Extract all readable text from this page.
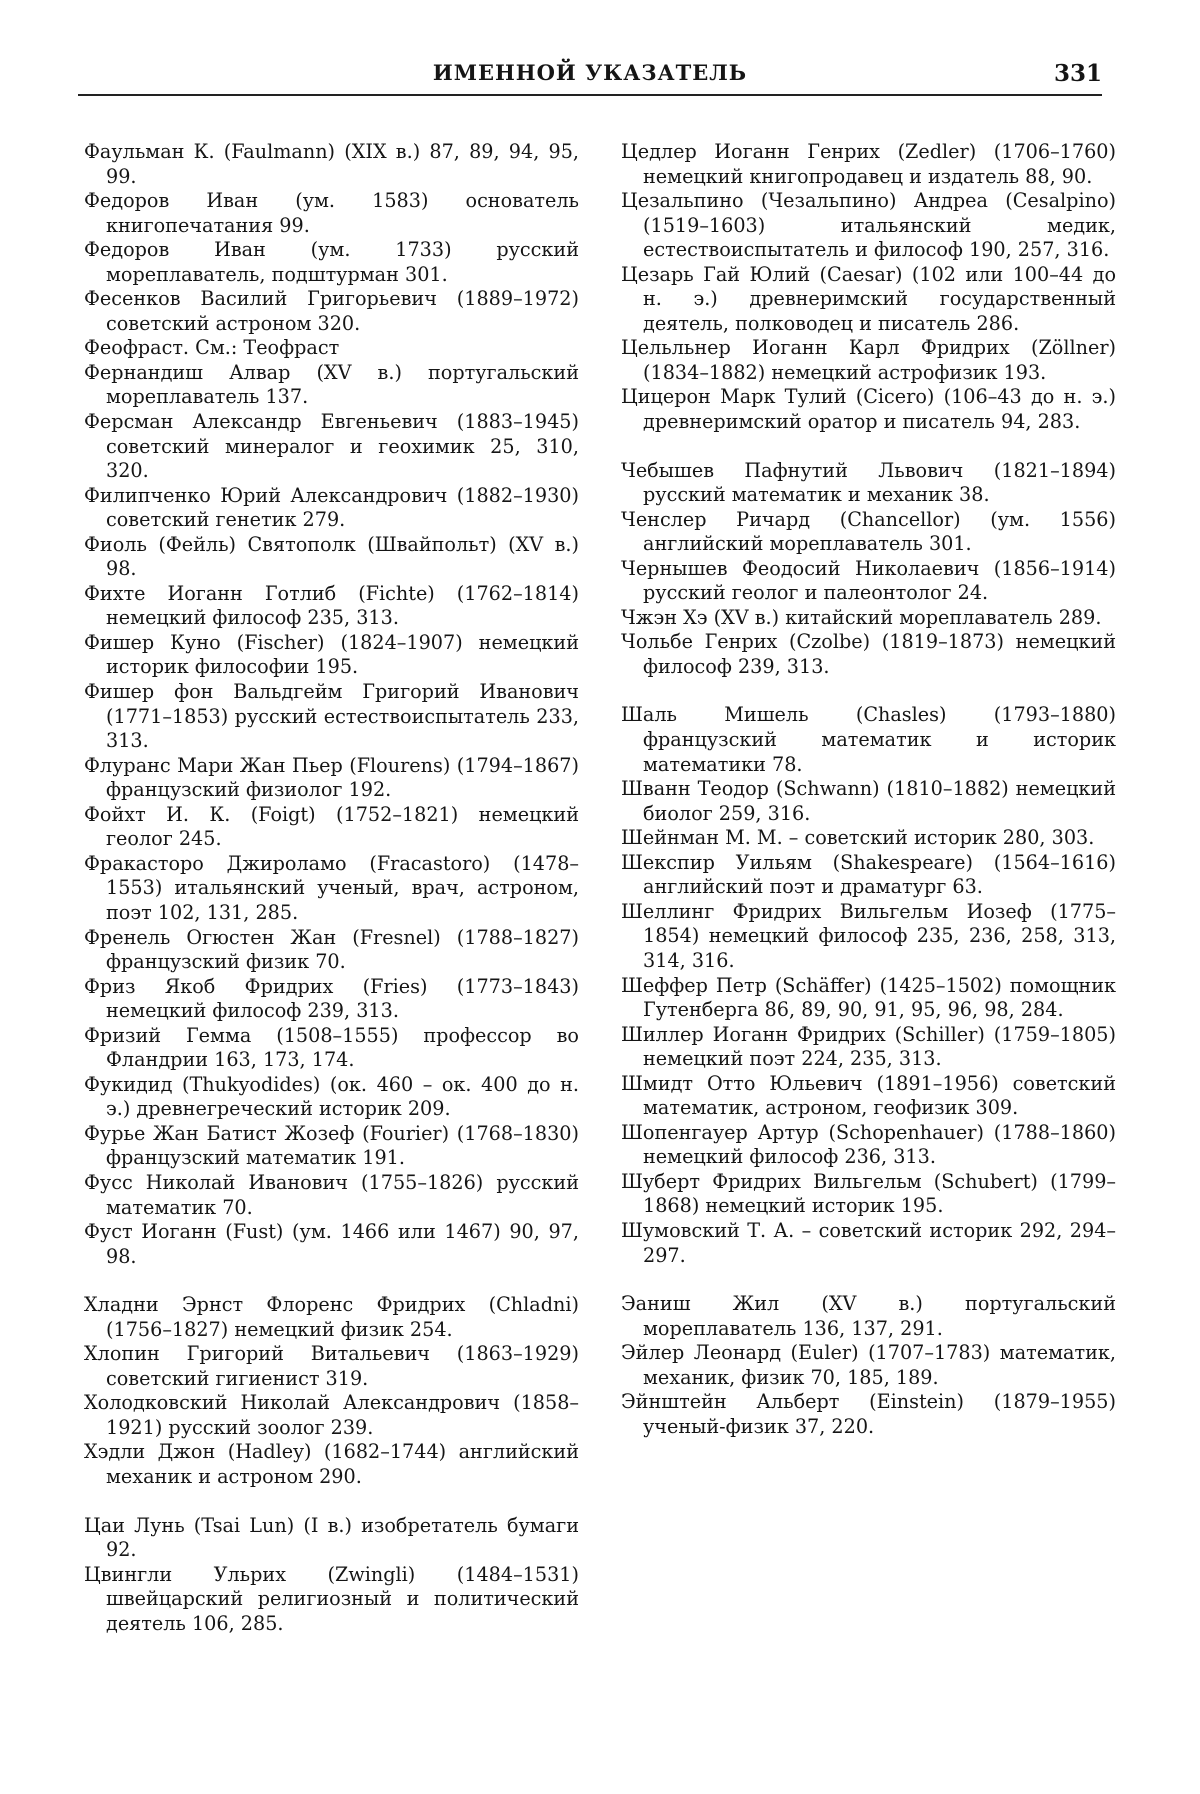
ИМЕННОЙ УКАЗАТЕЛЬ	331

Фаульман К. (Faulmann) (XIX в.) 87, 89, 94, 95, 99.

Федоров Иван (ум. 1583) основатель книгопечатания 99.

Федоров Иван (ум. 1733) русский мореплаватель, подштурман 301.

Фесенков Василий Григорьевич (1889–1972) советский астроном 320.

Феофраст. См.: Теофраст

Фернандиш Алвар (XV в.) португальский мореплаватель 137.

Ферсман Александр Евгеньевич (1883–1945) советский минералог и геохимик 25, 310, 320.

Филипченко Юрий Александрович (1882–1930) советский генетик 279.

Фиоль (Фейль) Святополк (Швайпольт) (XV в.) 98.

Фихте Иоганн Готлиб (Fichte) (1762–1814) немецкий философ 235, 313.

Фишер Куно (Fischer) (1824–1907) немецкий историк философии 195.

Фишер фон Вальдгейм Григорий Иванович (1771–1853) русский естествоиспытатель 233, 313.

Флуранс Мари Жан Пьер (Flourens) (1794–1867) французский физиолог 192.

Фойхт И. К. (Foigt) (1752–1821) немецкий геолог 245.

Фракасторо Джироламо (Fracastoro) (1478–1553) итальянский ученый, врач, астроном, поэт 102, 131, 285.

Френель Огюстен Жан (Fresnel) (1788–1827) французский физик 70.

Фриз Якоб Фридрих (Fries) (1773–1843) немецкий философ 239, 313.

Фризий Гемма (1508–1555) профессор во Фландрии 163, 173, 174.

Фукидид (Thukyodides) (ок. 460 – ок. 400 до н. э.) древнегреческий историк 209.

Фурье Жан Батист Жозеф (Fourier) (1768–1830) французский математик 191.

Фусс Николай Иванович (1755–1826) русский математик 70.

Фуст Иоганн (Fust) (ум. 1466 или 1467) 90, 97, 98.

Хладни Эрнст Флоренс Фридрих (Chladni) (1756–1827) немецкий физик 254.

Хлопин Григорий Витальевич (1863–1929) советский гигиенист 319.

Холодковский Николай Александрович (1858–1921) русский зоолог 239.

Хэдли Джон (Hadley) (1682–1744) английский механик и астроном 290.

Цаи Лунь (Tsai Lun) (I в.) изобретатель бумаги 92.

Цвингли Ульрих (Zwingli) (1484–1531) швейцарский религиозный и политический деятель 106, 285.

Цедлер Иоганн Генрих (Zedler) (1706–1760) немецкий книгопродавец и издатель 88, 90.

Цезальпино (Чезальпино) Андреа (Cesalpino) (1519–1603) итальянский медик, естествоиспытатель и философ 190, 257, 316.

Цезарь Гай Юлий (Caesar) (102 или 100–44 до н. э.) древнеримский государственный деятель, полководец и писатель 286.

Цельльнер Иоганн Карл Фридрих (Zöllner) (1834–1882) немецкий астрофизик 193.

Цицерон Марк Тулий (Cicero) (106–43 до н. э.) древнеримский оратор и писатель 94, 283.

Чебышев Пафнутий Львович (1821–1894) русский математик и механик 38.

Ченслер Ричард (Chancellor) (ум. 1556) английский мореплаватель 301.

Чернышев Феодосий Николаевич (1856–1914) русский геолог и палеонтолог 24.

Чжэн Хэ (XV в.) китайский мореплаватель 289.

Чольбе Генрих (Czolbe) (1819–1873) немецкий философ 239, 313.

Шаль Мишель (Chasles) (1793–1880) французский математик и историк математики 78.

Шванн Теодор (Schwann) (1810–1882) немецкий биолог 259, 316.

Шейнман М. М. – советский историк 280, 303.

Шекспир Уильям (Shakespeare) (1564–1616) английский поэт и драматург 63.

Шеллинг Фридрих Вильгельм Иозеф (1775–1854) немецкий философ 235, 236, 258, 313, 314, 316.

Шеффер Петр (Schäffer) (1425–1502) помощник Гутенберга 86, 89, 90, 91, 95, 96, 98, 284.

Шиллер Иоганн Фридрих (Schiller) (1759–1805) немецкий поэт 224, 235, 313.

Шмидт Отто Юльевич (1891–1956) советский математик, астроном, геофизик 309.

Шопенгауер Артур (Schopenhauer) (1788–1860) немецкий философ 236, 313.

Шуберт Фридрих Вильгельм (Schubert) (1799–1868) немецкий историк 195.

Шумовский Т. А. – советский историк 292, 294–297.

Эаниш Жил (XV в.) португальский мореплаватель 136, 137, 291.

Эйлер Леонард (Euler) (1707–1783) математик, механик, физик 70, 185, 189.

Эйнштейн Альберт (Einstein) (1879–1955) ученый-физик 37, 220.
